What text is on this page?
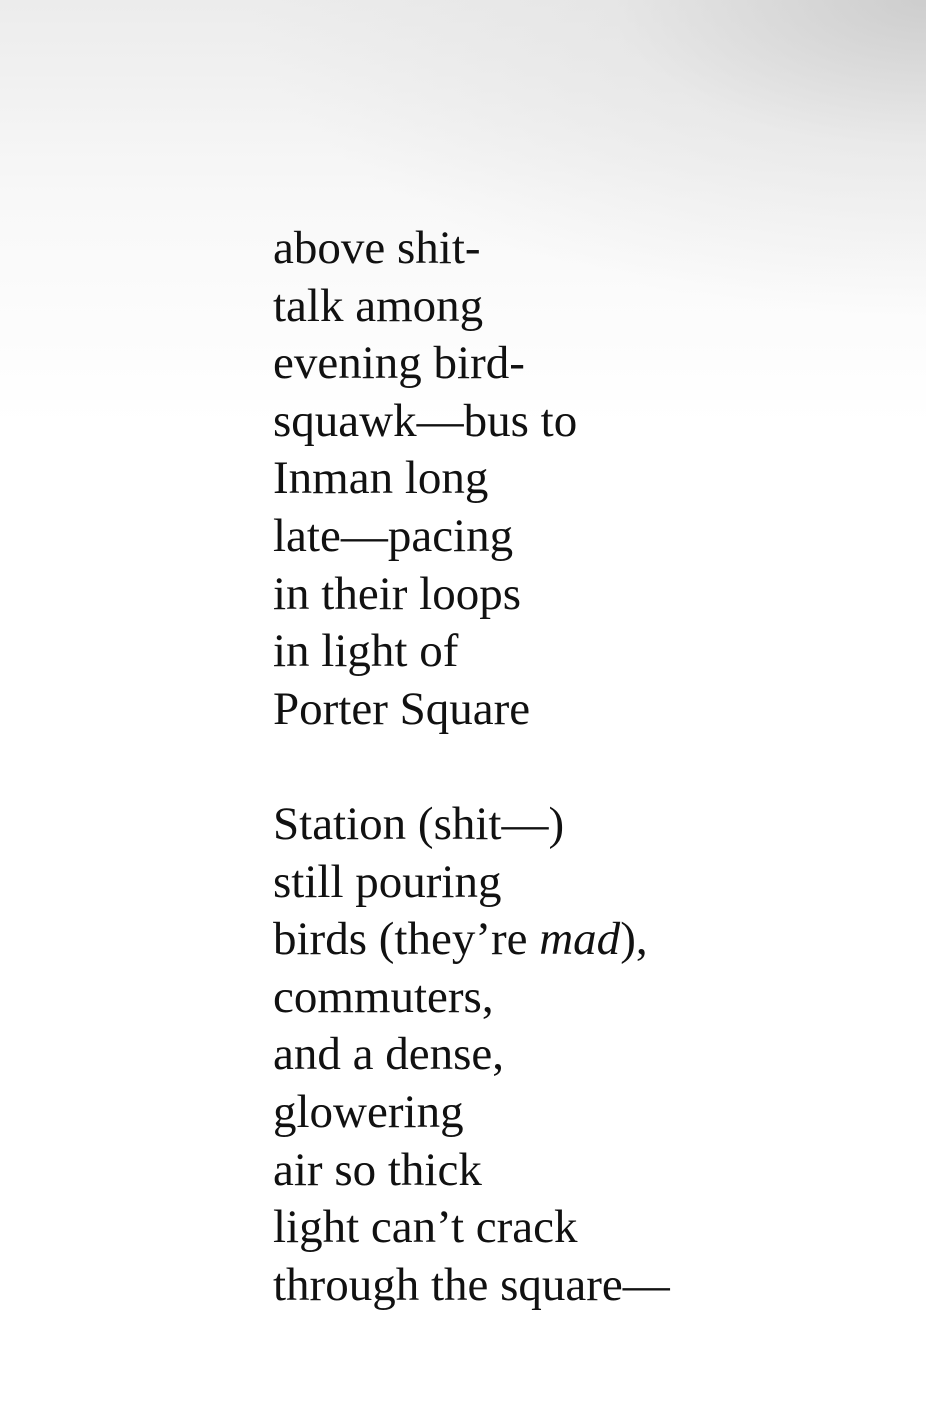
above shit-
talk among
evening bird-
squawk—bus to
Inman long
late—pacing
in their loops
in light of
Porter Square
Station (shit—)
still pouring
birds (they’re mad),
commuters,
and a dense,
glowering
air so thick
light can’t crack
through the square—
